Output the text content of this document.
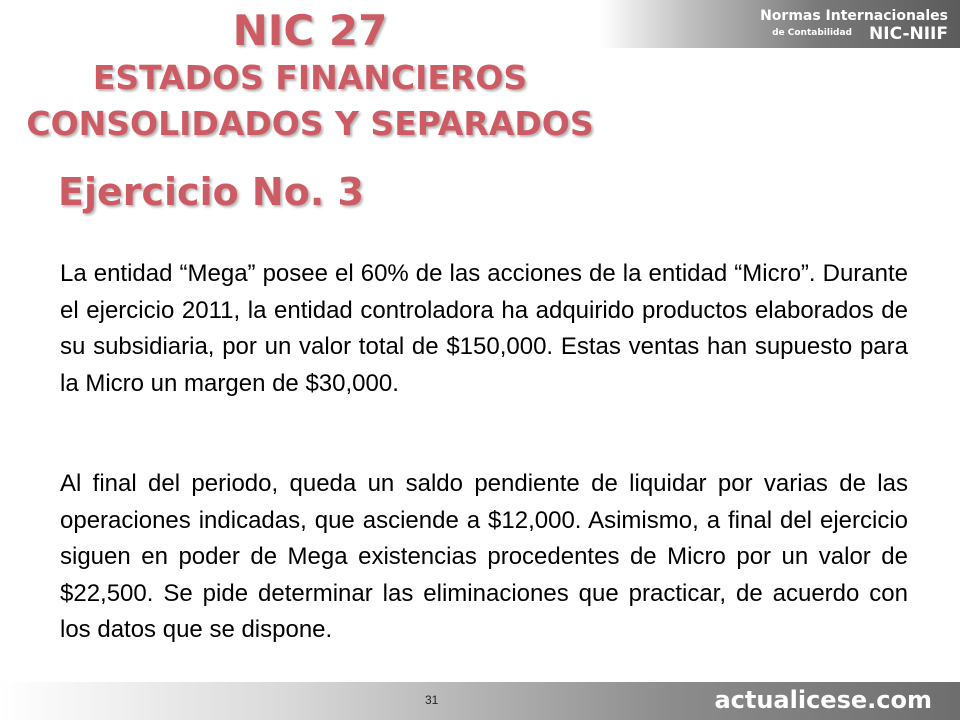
NIC 27
ESTADOS FINANCIEROS
CONSOLIDADOS Y SEPARADOS
Normas Internacionales
de Contabilidad NIC-NIIF
Ejercicio No. 3

La entidad “Mega” posee el 60% de las acciones de la entidad “Micro”. Durante el ejercicio 2011, la entidad controladora ha adquirido productos elaborados de su subsidiaria, por un valor total de $150,000. Estas ventas han supuesto para la Micro un margen de $30,000.

Al final del periodo, queda un saldo pendiente de liquidar por varias de las operaciones indicadas, que asciende a $12,000. Asimismo, a final del ejercicio siguen en poder de Mega existencias procedentes de Micro por un valor de $22,500. Se pide determinar las eliminaciones que practicar, de acuerdo con los datos que se dispone.

31	actualicese.com
